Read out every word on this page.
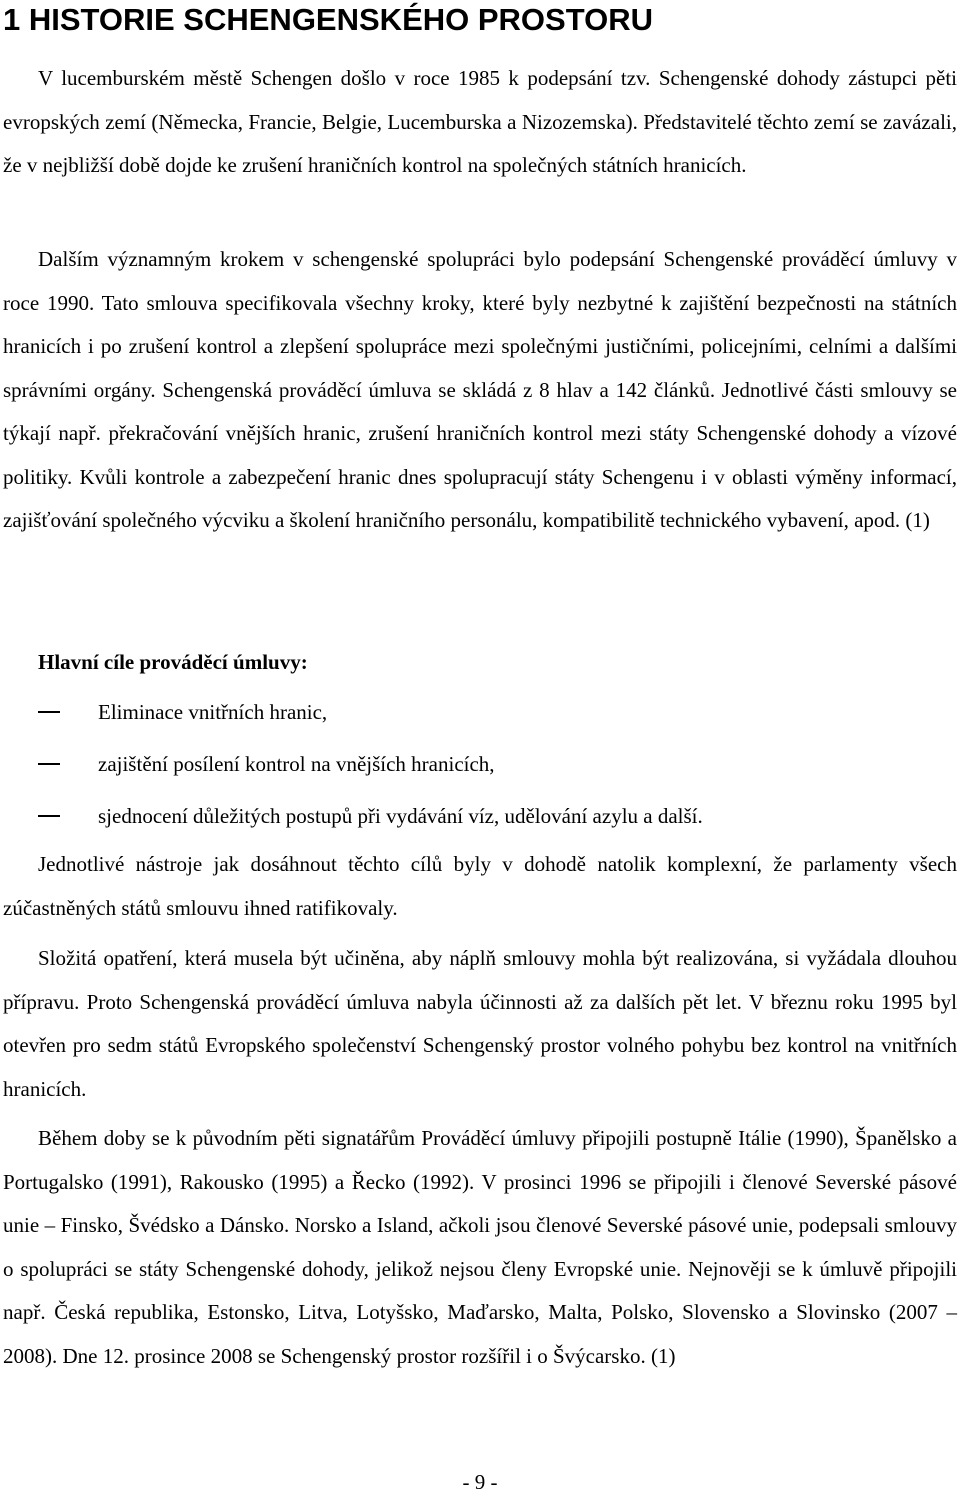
1 HISTORIE SCHENGENSKÉHO PROSTORU

V lucemburském městě Schengen došlo v roce 1985 k podepsání tzv. Schengenské dohody zástupci pěti evropských zemí (Německa, Francie, Belgie, Lucemburska a Nizozemska). Představitelé těchto zemí se zavázali, že v nejbližší době dojde ke zrušení hraničních kontrol na společných státních hranicích.

Dalším významným krokem v schengenské spolupráci bylo podepsání Schengenské prováděcí úmluvy v roce 1990. Tato smlouva specifikovala všechny kroky, které byly nezbytné k zajištění bezpečnosti na státních hranicích i po zrušení kontrol a zlepšení spolupráce mezi společnými justičními, policejními, celními a dalšími správními orgány. Schengenská prováděcí úmluva se skládá z 8 hlav a 142 článků. Jednotlivé části smlouvy se týkají např. překračování vnějších hranic, zrušení hraničních kontrol mezi státy Schengenské dohody a vízové politiky. Kvůli kontrole a zabezpečení hranic dnes spolupracují státy Schengenu i v oblasti výměny informací, zajišťování společného výcviku a školení hraničního personálu, kompatibilitě technického vybavení, apod. (1)

Hlavní cíle prováděcí úmluvy:

Eliminace vnitřních hranic,
zajištění posílení kontrol na vnějších hranicích,
sjednocení důležitých postupů při vydávání víz, udělování azylu a další.

Jednotlivé nástroje jak dosáhnout těchto cílů byly v dohodě natolik komplexní, že parlamenty všech zúčastněných států smlouvu ihned ratifikovaly.

Složitá opatření, která musela být učiněna, aby náplň smlouvy mohla být realizována, si vyžádala dlouhou přípravu. Proto Schengenská prováděcí úmluva nabyla účinnosti až za dalších pět let. V březnu roku 1995 byl otevřen pro sedm států Evropského společenství Schengenský prostor volného pohybu bez kontrol na vnitřních hranicích.

Během doby se k původním pěti signatářům Prováděcí úmluvy připojili postupně Itálie (1990), Španělsko a Portugalsko (1991), Rakousko (1995) a Řecko (1992). V prosinci 1996 se připojili i členové Severské pásové unie – Finsko, Švédsko a Dánsko. Norsko a Island, ačkoli jsou členové Severské pásové unie, podepsali smlouvy o spolupráci se státy Schengenské dohody, jelikož nejsou členy Evropské unie. Nejnověji se k úmluvě připojili např. Česká republika, Estonsko, Litva, Lotyšsko, Maďarsko, Malta, Polsko, Slovensko a Slovinsko (2007 – 2008). Dne 12. prosince 2008 se Schengenský prostor rozšířil i o Švýcarsko. (1)

- 9 -
